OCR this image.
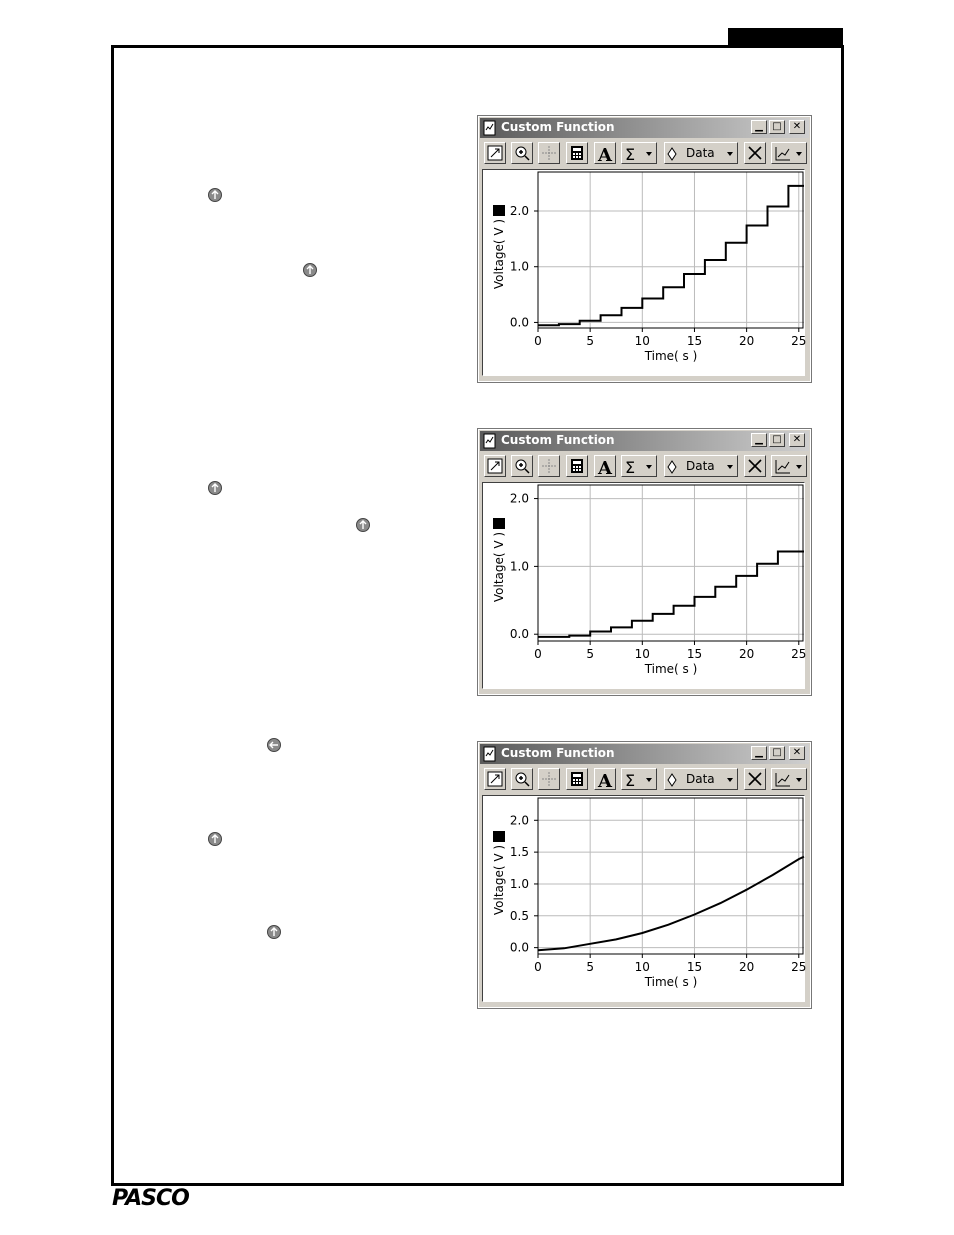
Custom Function	▁ □	✕
A Σ	Data
0	5	10	15	20	25
0.0
1.0
2.0
Time( s )
Voltage( V )
Custom Function	▁ □	✕
A Σ	Data
0	5	10	15	20	25
0.0
1.0
2.0
Time( s )
Voltage( V )
Custom Function	▁ □	✕
A Σ	Data
0	5	10	15	20	25
0.0
0.5
1.0
1.5
2.0
Time( s )
Voltage( V )
PASCO
